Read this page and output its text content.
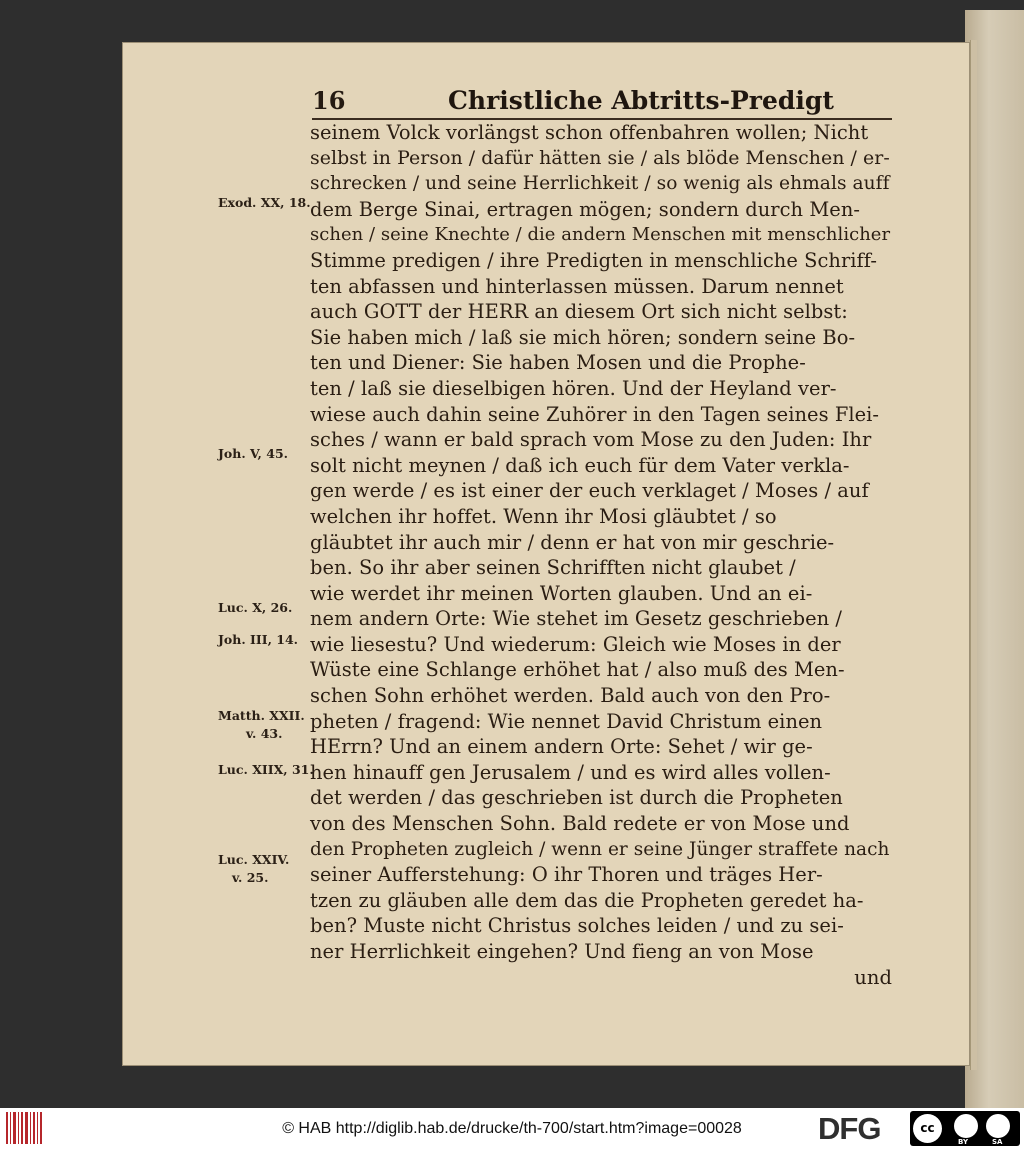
16	Christliche Abtritts-Predigt
seinem Volck vorlängst schon offenbahren wollen; Nicht
selbst in Person / dafür hätten sie / als blöde Menschen / er-
schrecken / und seine Herrlichkeit / so wenig als ehmals auff
dem Berge Sinai, ertragen mögen; sondern durch Men-
schen / seine Knechte / die andern Menschen mit menschlicher
Stimme predigen / ihre Predigten in menschliche Schriff-
ten abfassen und hinterlassen müssen. Darum nennet
auch GOTT der HERR an diesem Ort sich nicht selbst:
Sie haben mich / laß sie mich hören; sondern seine Bo-
ten und Diener: Sie haben Mosen und die Prophe-
ten / laß sie dieselbigen hören. Und der Heyland ver-
wiese auch dahin seine Zuhörer in den Tagen seines Flei-
sches / wann er bald sprach vom Mose zu den Juden: Ihr
solt nicht meynen / daß ich euch für dem Vater verkla-
gen werde / es ist einer der euch verklaget / Moses / auf
welchen ihr hoffet. Wenn ihr Mosi gläubtet / so
gläubtet ihr auch mir / denn er hat von mir geschrie-
ben. So ihr aber seinen Schrifften nicht glaubet /
wie werdet ihr meinen Worten glauben. Und an ei-
nem andern Orte: Wie stehet im Gesetz geschrieben /
wie liesestu? Und wiederum: Gleich wie Moses in der
Wüste eine Schlange erhöhet hat / also muß des Men-
schen Sohn erhöhet werden. Bald auch von den Pro-
pheten / fragend: Wie nennet David Christum einen
HErrn? Und an einem andern Orte: Sehet / wir ge-
hen hinauff gen Jerusalem / und es wird alles vollen-
det werden / das geschrieben ist durch die Propheten
von des Menschen Sohn. Bald redete er von Mose und
den Propheten zugleich / wenn er seine Jünger straffete nach
seiner Aufferstehung: O ihr Thoren und träges Her-
tzen zu gläuben alle dem das die Propheten geredet ha-
ben? Muste nicht Christus solches leiden / und zu sei-
ner Herrlichkeit eingehen? Und fieng an von Mose
und
Exod. XX, 18.
Joh. V, 45.
Luc. X, 26.
Joh. III, 14.
Matth. XXII.
v. 43.
Luc. XIIX, 31.
Luc. XXIV.
v. 25.
© HAB http://diglib.hab.de/drucke/th-700/start.htm?image=00028	DFG	cc
BY	SA
